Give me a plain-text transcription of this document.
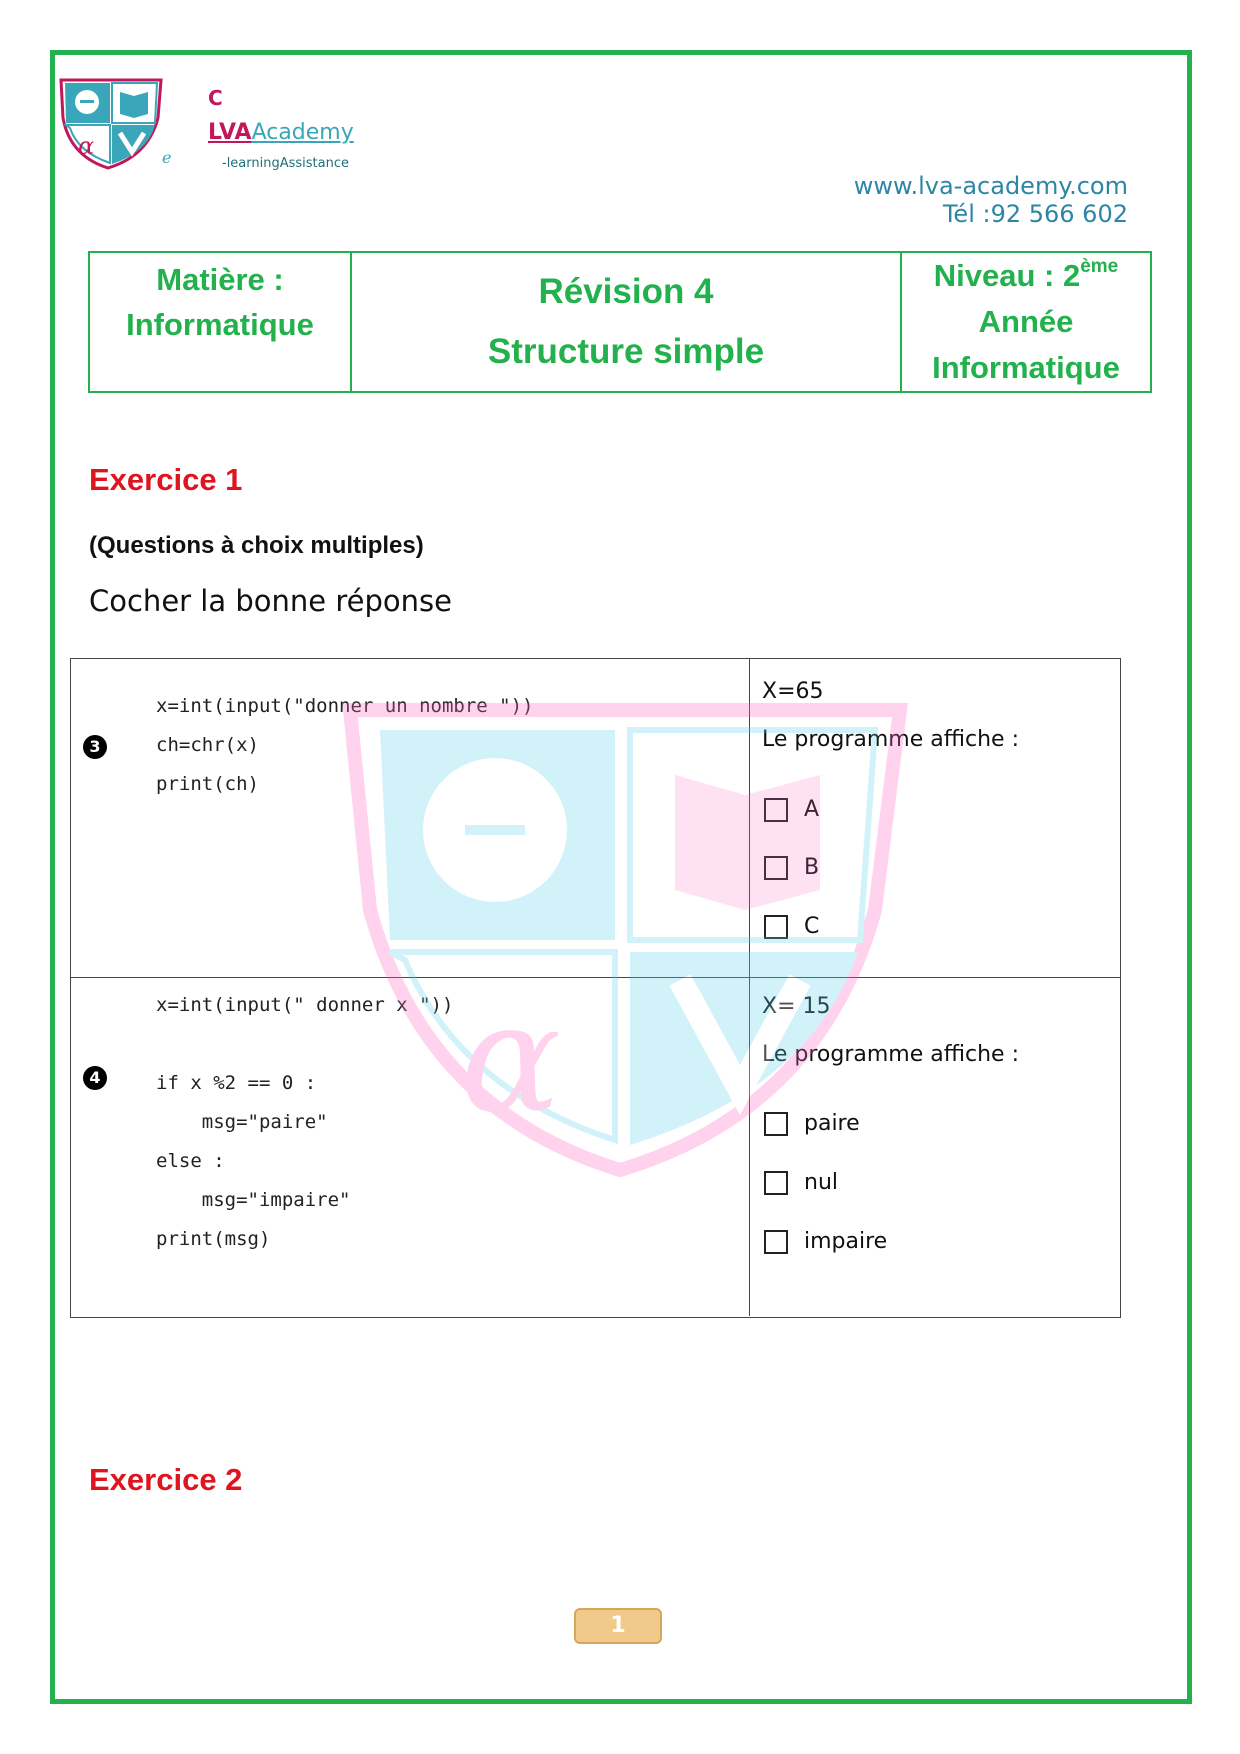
α
C
LVAAcademy
e	-learningAssistance
www.lva-academy.com
Tél :92 566 602
Matière :
Informatique
Révision 4
Structure simple
Niveau : 2ème
Année
Informatique
Exercice 1
(Questions à choix multiples)
Cocher la bonne réponse
3
x=int(input("donner un nombre "))
ch=chr(x)
print(ch)
X=65
Le programme affiche :
A
B
C
4
x=int(input(" donner x "))

if x %2 == 0 :
msg="paire"
else :
msg="impaire"
print(msg)
X= 15
Le programme affiche :
paire
nul
impaire
α
Exercice 2
1
